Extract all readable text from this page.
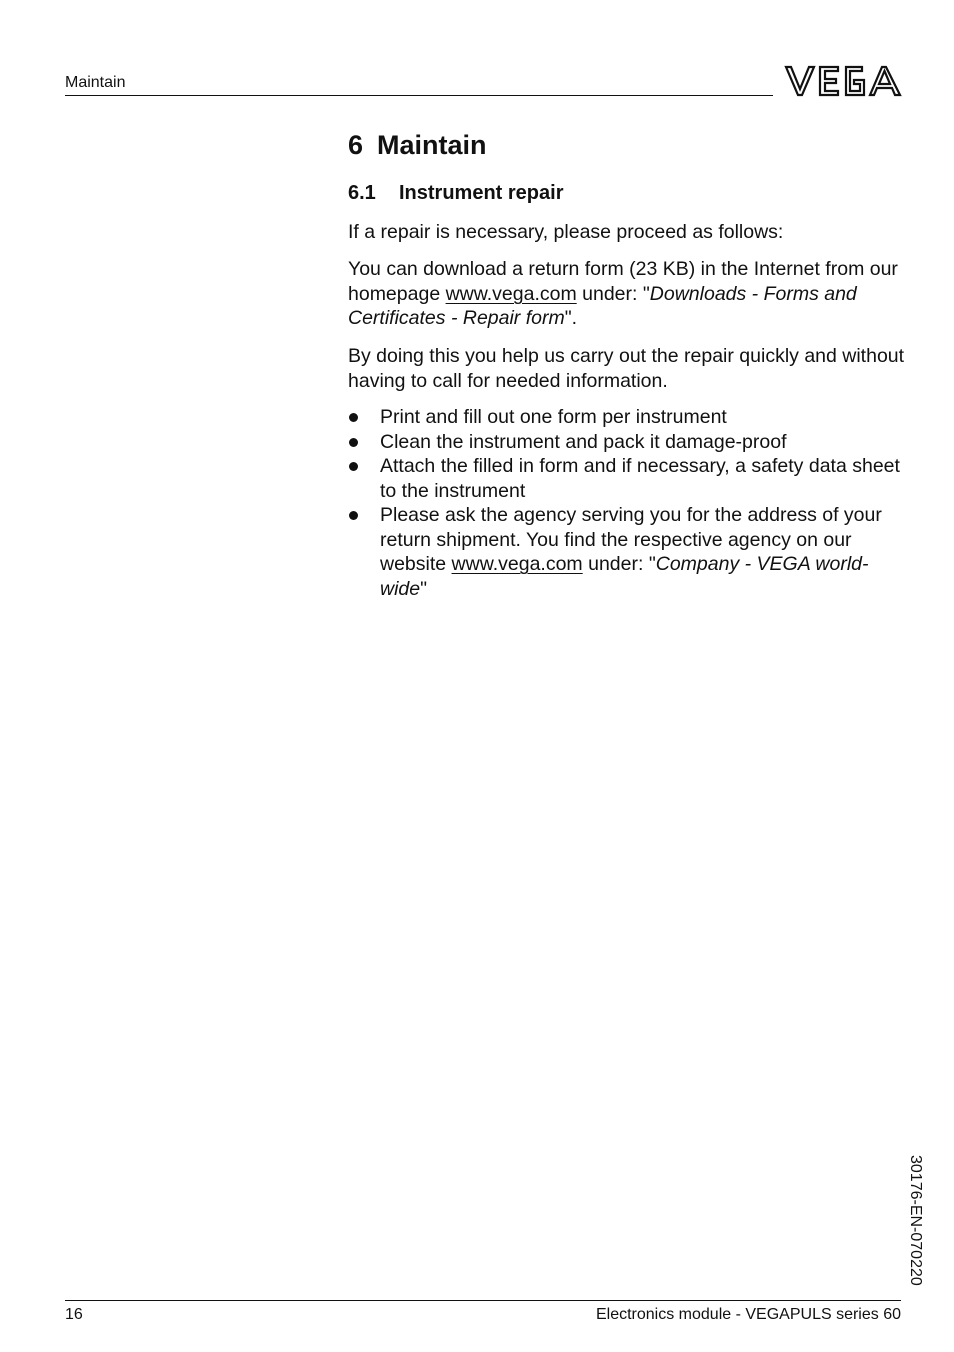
Maintain
6 Maintain
6.1 Instrument repair

If a repair is necessary, please proceed as follows:

You can download a return form (23 KB) in the Internet from our homepage www.vega.com under: "Downloads - Forms and Certificates - Repair form".

By doing this you help us carry out the repair quickly and without having to call for needed information.

Print and fill out one form per instrument
Clean the instrument and pack it damage-proof
Attach the filled in form and if necessary, a safety data sheet to the instrument
Please ask the agency serving you for the address of your return shipment. You find the respective agency on our website www.vega.com under: "Company - VEGA world-wide"
30176-EN-070220
16	Electronics module - VEGAPULS series 60
